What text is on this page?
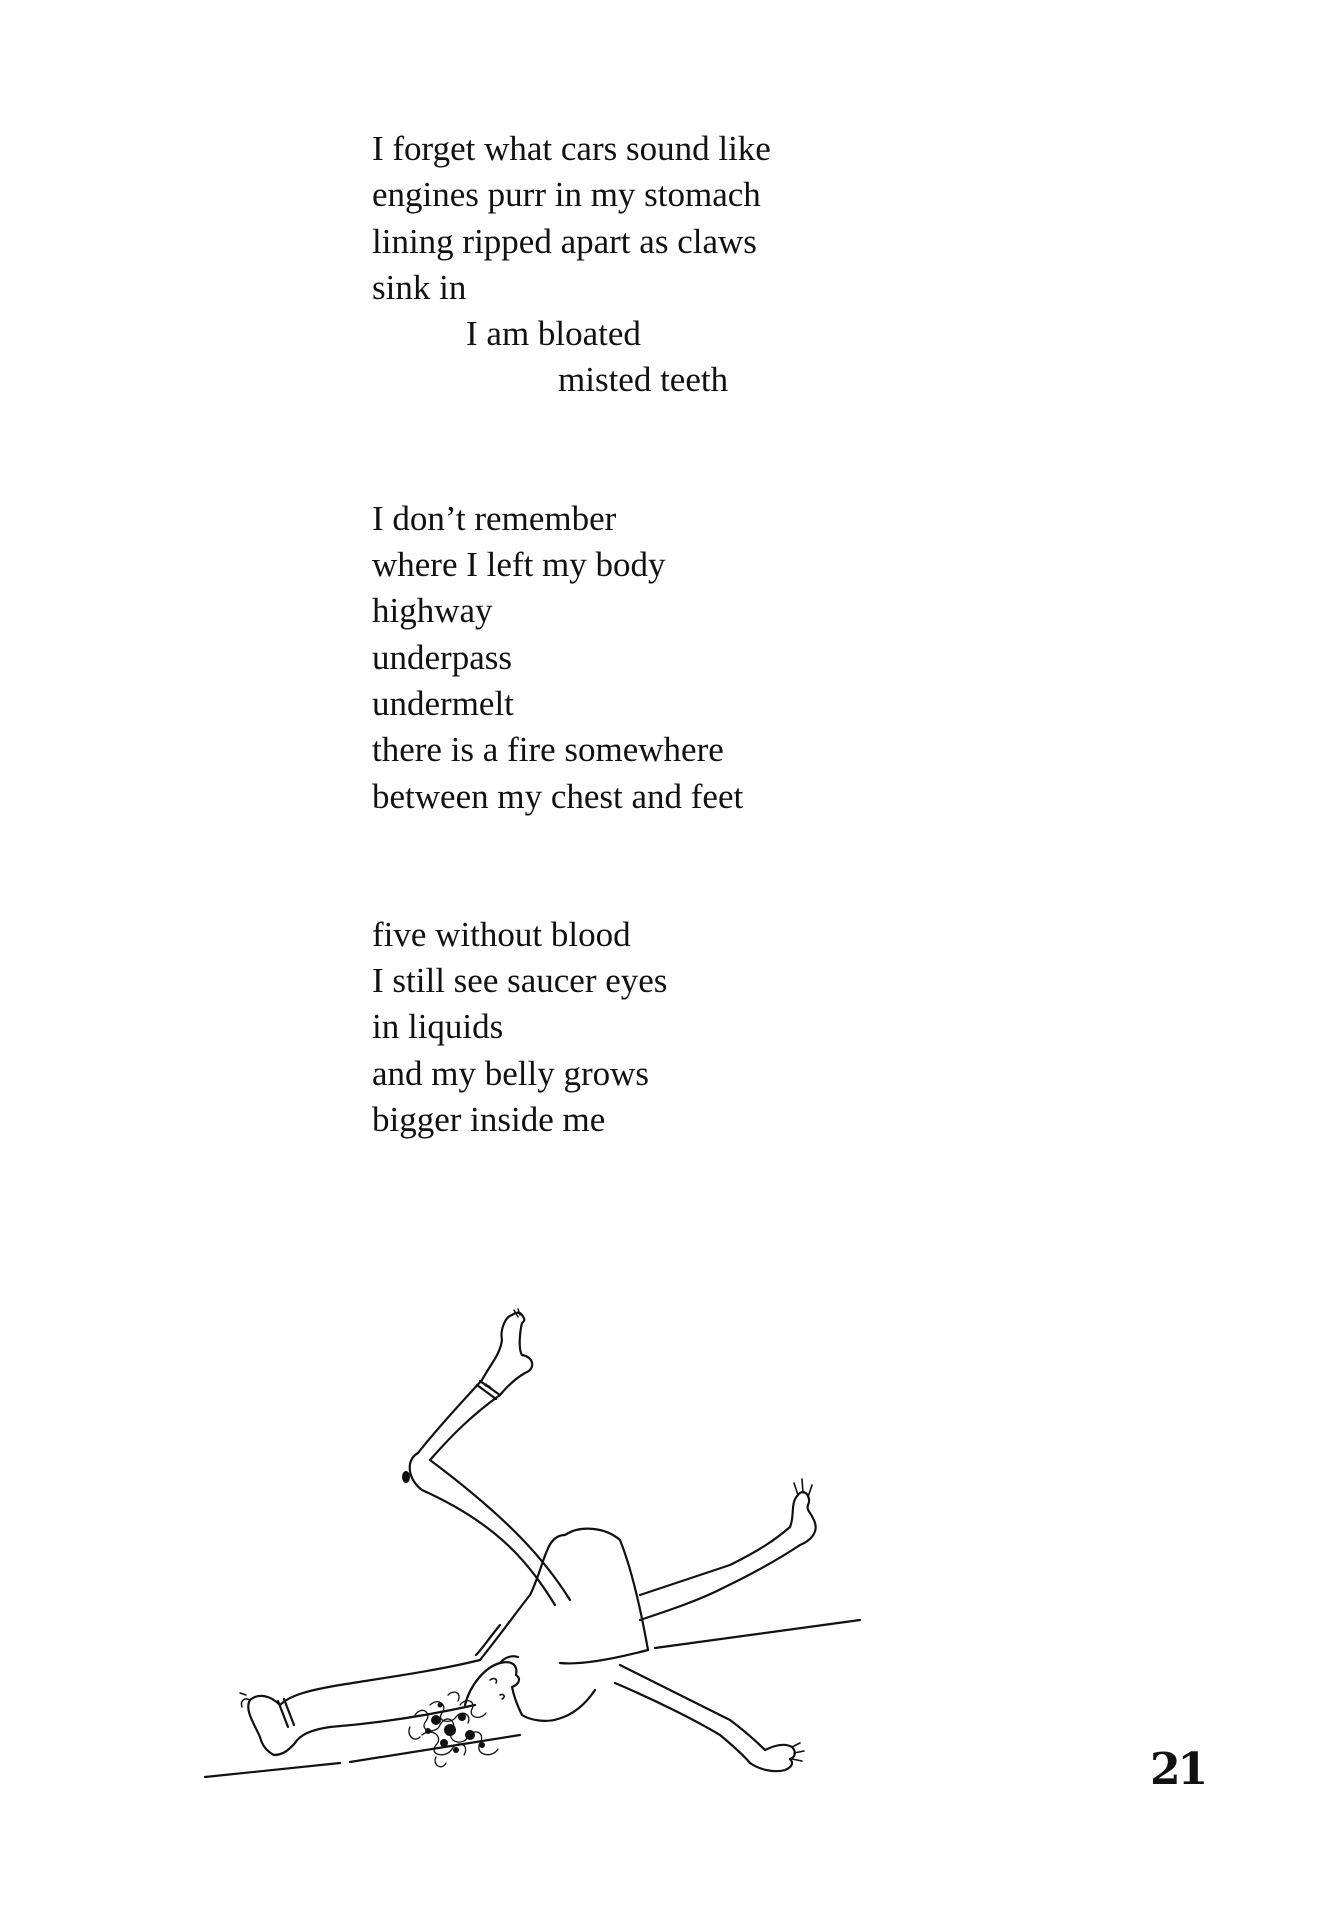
I forget what cars sound like
engines purr in my stomach
lining ripped apart as claws
sink in
I am bloated
misted teeth
I don’t remember
where I left my body
highway
underpass
undermelt
there is a fire somewhere
between my chest and feet
five without blood
I still see saucer eyes
in liquids
and my belly grows
bigger inside me
21
